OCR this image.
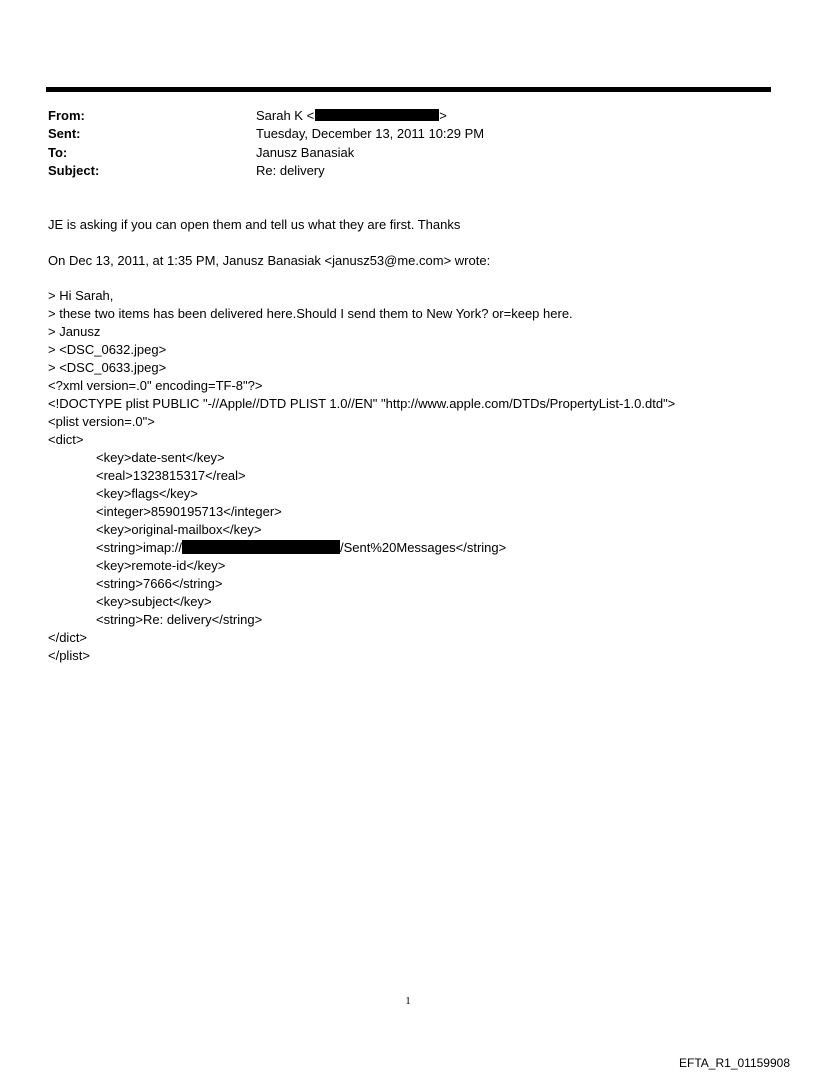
From:	Sarah K <	>
Sent:	Tuesday, December 13, 2011 10:29 PM
To:	Janusz Banasiak
Subject:	Re: delivery
JE is asking if you can open them and tell us what they are first. Thanks
On Dec 13, 2011, at 1:35 PM, Janusz Banasiak <janusz53@me.com> wrote:
> Hi Sarah,
> these two items has been delivered here.Should I send them to New York? or=keep here.
> Janusz
> <DSC_0632.jpeg>
> <DSC_0633.jpeg>
<?xml version=.0" encoding=TF-8"?>
<!DOCTYPE plist PUBLIC "-//Apple//DTD PLIST 1.0//EN" "http://www.apple.com/DTDs/PropertyList-1.0.dtd">
<plist version=.0">
<dict>
<key>date-sent</key>
<real>1323815317</real>
<key>flags</key>
<integer>8590195713</integer>
<key>original-mailbox</key>
<string>imap://	/Sent%20Messages</string>
<key>remote-id</key>
<string>7666</string>
<key>subject</key>
<string>Re: delivery</string>
</dict>
</plist>
1
EFTA_R1_01159908
